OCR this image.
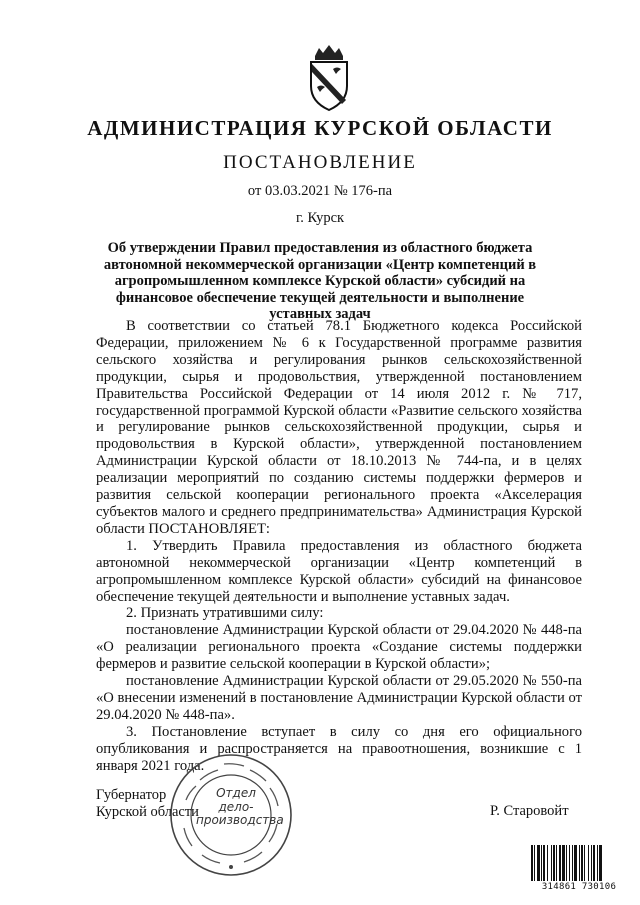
АДМИНИСТРАЦИЯ КУРСКОЙ ОБЛАСТИ
ПОСТАНОВЛЕНИЕ
от 03.03.2021 № 176-па
г. Курск
Об утверждении Правил предоставления из областного бюджета автономной некоммерческой организации «Центр компетенций в агропромышленном комплексе Курской области» субсидий на финансовое обеспечение текущей деятельности и выполнение уставных задач

В соответствии со статьей 78.1 Бюджетного кодекса Российской Федерации, приложением № 6 к Государственной программе развития сельского хозяйства и регулирования рынков сельскохозяйственной продукции, сырья и продовольствия, утвержденной постановлением Правительства Российской Федерации от 14 июля 2012 г. № 717, государственной программой Курской области «Развитие сельского хозяйства и регулирование рынков сельскохозяйственной продукции, сырья и продовольствия в Курской области», утвержденной постановлением Администрации Курской области от 18.10.2013 № 744-па, и в целях реализации мероприятий по созданию системы поддержки фермеров и развития сельской кооперации регионального проекта «Акселерация субъектов малого и среднего предпринимательства» Администрация Курской области ПОСТАНОВЛЯЕТ:

1. Утвердить Правила предоставления из областного бюджета автономной некоммерческой организации «Центр компетенций в агропромышленном комплексе Курской области» субсидий на финансовое обеспечение текущей деятельности и выполнение уставных задач.

2. Признать утратившими силу:

постановление Администрации Курской области от 29.04.2020 № 448-па «О реализации регионального проекта «Создание системы поддержки фермеров и развитие сельской кооперации в Курской области»;

постановление Администрации Курской области от 29.05.2020 № 550-па «О внесении изменений в постановление Администрации Курской области от 29.04.2020 № 448-па».

3. Постановление вступает в силу со дня его официального опубликования и распространяется на правоотношения, возникшие с 1 января 2021 года.

Губернатор
Курской области	Р. Старовойт
Отдел
дело-
производства
314861 730106
